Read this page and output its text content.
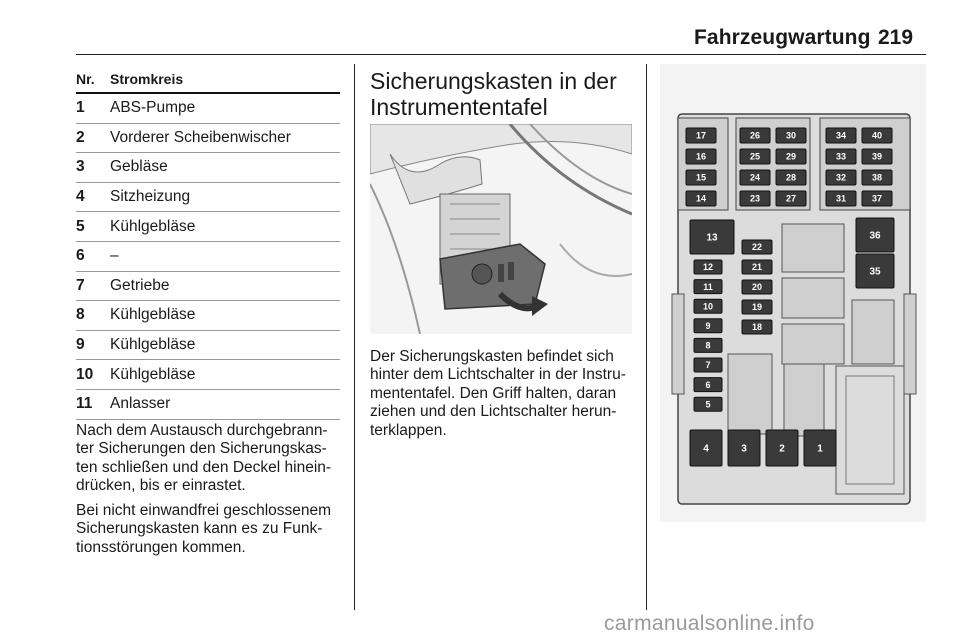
Fahrzeugwartung 219
Nr.	Stromkreis
1	ABS-Pumpe
2	Vorderer Scheibenwischer
3	Gebläse
4	Sitzheizung
5	Kühlgebläse
6	–
7	Getriebe
8	Kühlgebläse
9	Kühlgebläse
10	Kühlgebläse
11	Anlasser

Nach dem Austausch durchgebrann-
ter Sicherungen den Sicherungskas-
ten schließen und den Deckel hinein-
drücken, bis er einrastet.

Bei nicht einwandfrei geschlossenem
Sicherungskasten kann es zu Funk-
tionsstörungen kommen.

Sicherungskasten in der
Instrumententafel

Der Sicherungskasten befindet sich
hinter dem Lichtschalter in der Instru-
mententafel. Den Griff halten, daran
ziehen und den Lichtschalter herun-
terklappen.

17
16
15
14
26
25
24
23
30
29
28
27
34
33
32
31
40
39
38
37
13	36
35
22
21
20
19
18
12
11
10
9
8
7
6
5
4	3	2	1
carmanualsonline.info
